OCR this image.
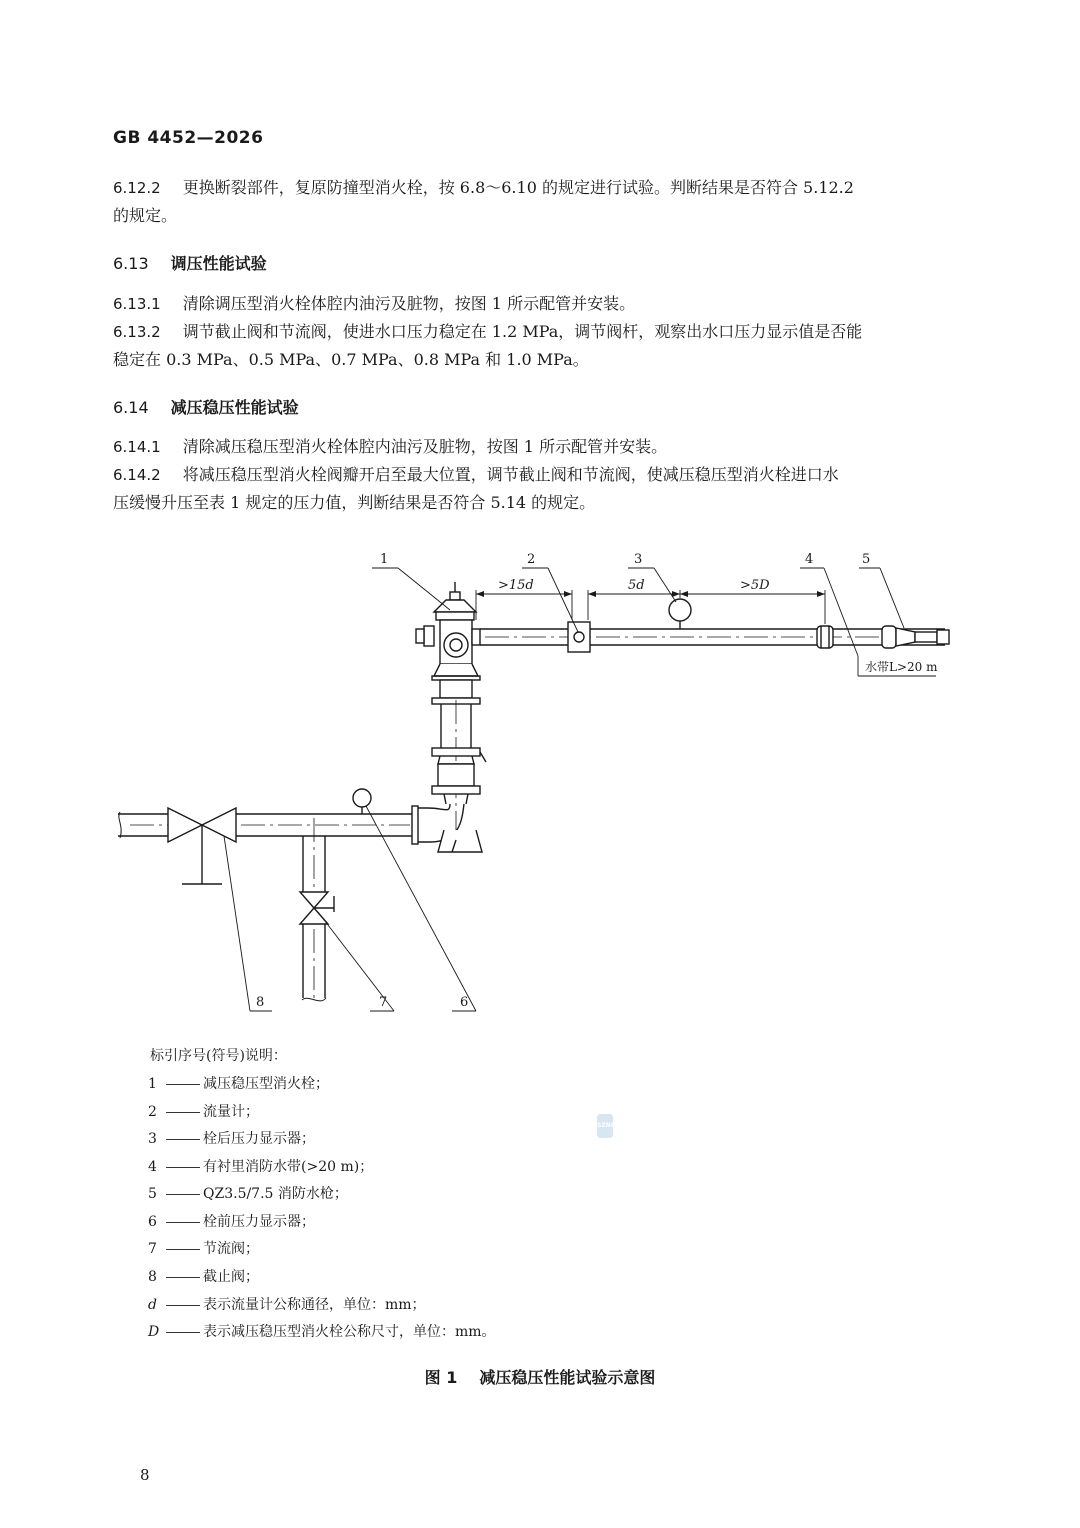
GB 4452—2026
6.12.2 更换断裂部件，复原防撞型消火栓，按 6.8～6.10 的规定进行试验。判断结果是否符合 5.12.2
的规定。
6.13 调压性能试验
6.13.1 清除调压型消火栓体腔内油污及脏物，按图 1 所示配管并安装。
6.13.2 调节截止阀和节流阀，使进水口压力稳定在 1.2 MPa，调节阀杆，观察出水口压力显示值是否能
稳定在 0.3 MPa、0.5 MPa、0.7 MPa、0.8 MPa 和 1.0 MPa。
6.14 减压稳压性能试验
6.14.1 清除减压稳压型消火栓体腔内油污及脏物，按图 1 所示配管并安装。
6.14.2 将减压稳压型消火栓阀瓣开启至最大位置，调节截止阀和节流阀，使减压稳压型消火栓进口水
压缓慢升压至表 1 规定的压力值，判断结果是否符合 5.14 的规定。
1	2	3	4	5
6
7
8
>15d	5d	>5D
水带L>20 m
标引序号(符号)说明：
1	减压稳压型消火栓；
2	流量计；
3	栓后压力显示器；
4	有衬里消防水带(>20 m)；
5	QZ3.5/7.5 消防水枪；
6	栓前压力显示器；
7	节流阀；
8	截止阀；
d	表示流量计公称通径，单位：mm；
D	表示减压稳压型消火栓公称尺寸，单位：mm。
SZNC
图 1 减压稳压性能试验示意图
8
